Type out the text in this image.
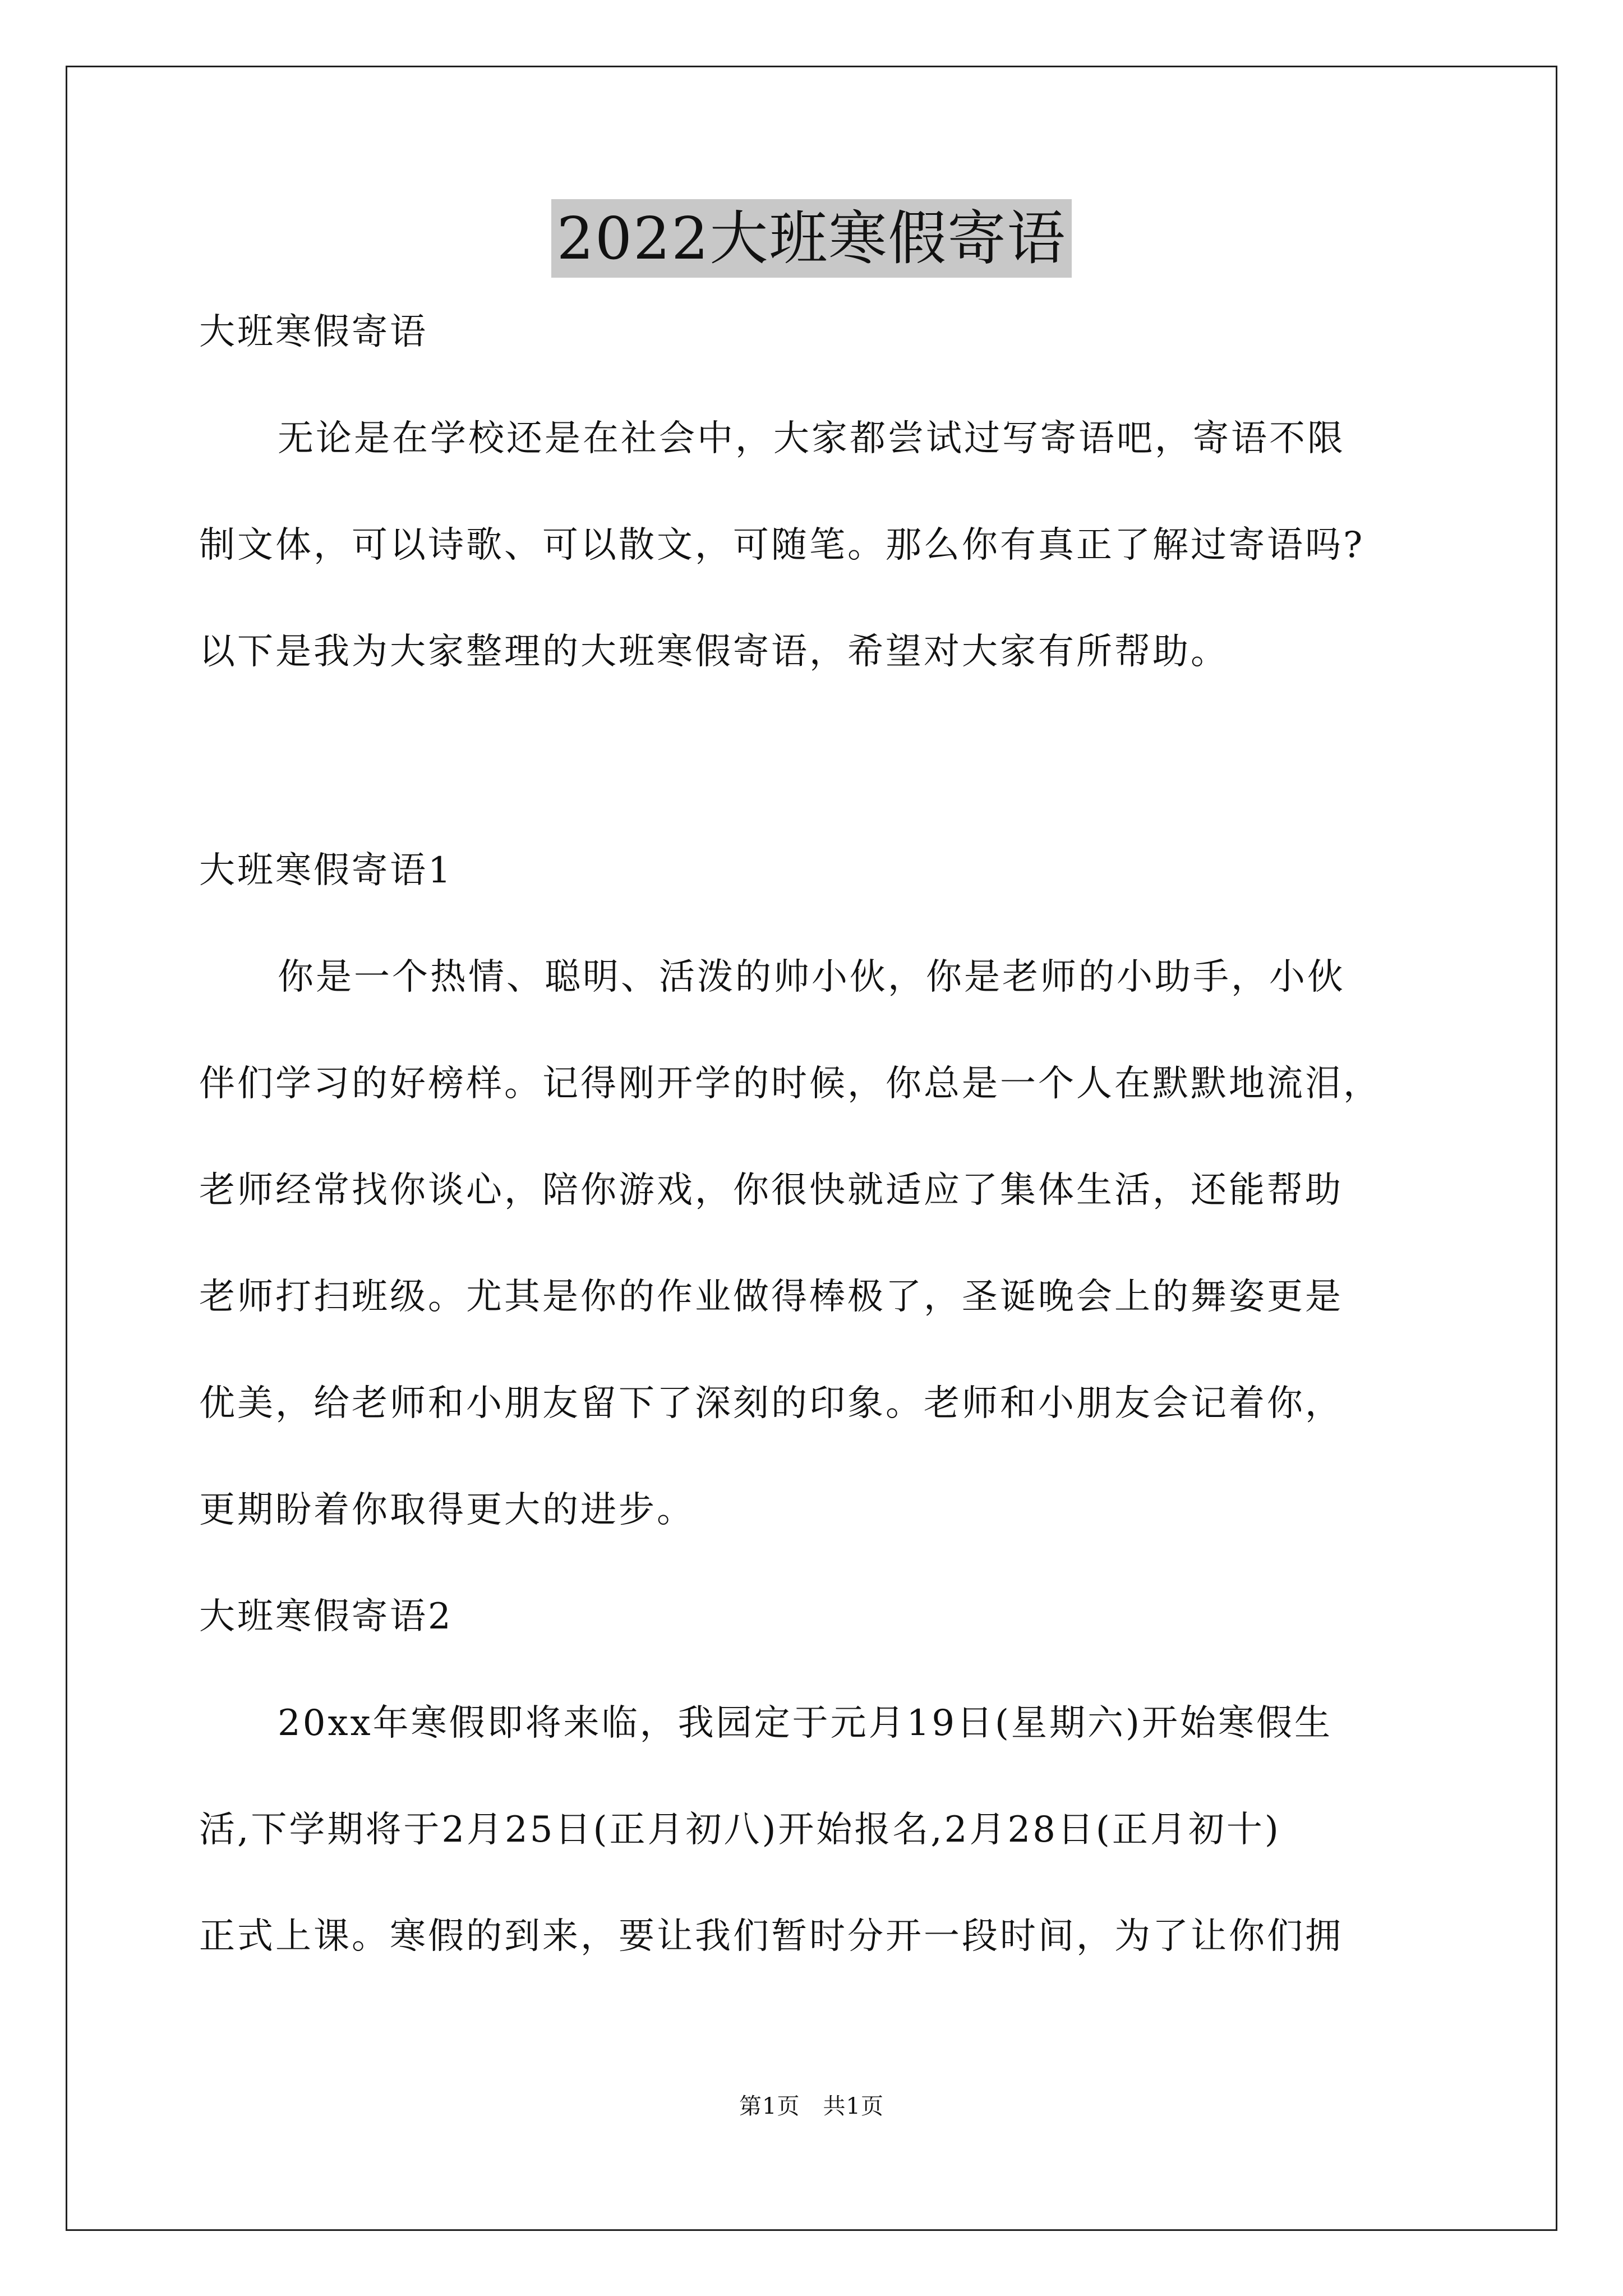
2022大班寒假寄语
大班寒假寄语
无论是在学校还是在社会中，大家都尝试过写寄语吧，寄语不限
制文体，可以诗歌、可以散文，可随笔。那么你有真正了解过寄语吗?
以下是我为大家整理的大班寒假寄语，希望对大家有所帮助。
大班寒假寄语1
你是一个热情、聪明、活泼的帅小伙，你是老师的小助手，小伙
伴们学习的好榜样。记得刚开学的时候，你总是一个人在默默地流泪，
老师经常找你谈心，陪你游戏，你很快就适应了集体生活，还能帮助
老师打扫班级。尤其是你的作业做得棒极了，圣诞晚会上的舞姿更是
优美，给老师和小朋友留下了深刻的印象。老师和小朋友会记着你，
更期盼着你取得更大的进步。
大班寒假寄语2
20xx年寒假即将来临，我园定于元月19日(星期六)开始寒假生
活,下学期将于2月25日(正月初八)开始报名,2月28日(正月初十)
正式上课。寒假的到来，要让我们暂时分开一段时间，为了让你们拥
第1页　共1页
